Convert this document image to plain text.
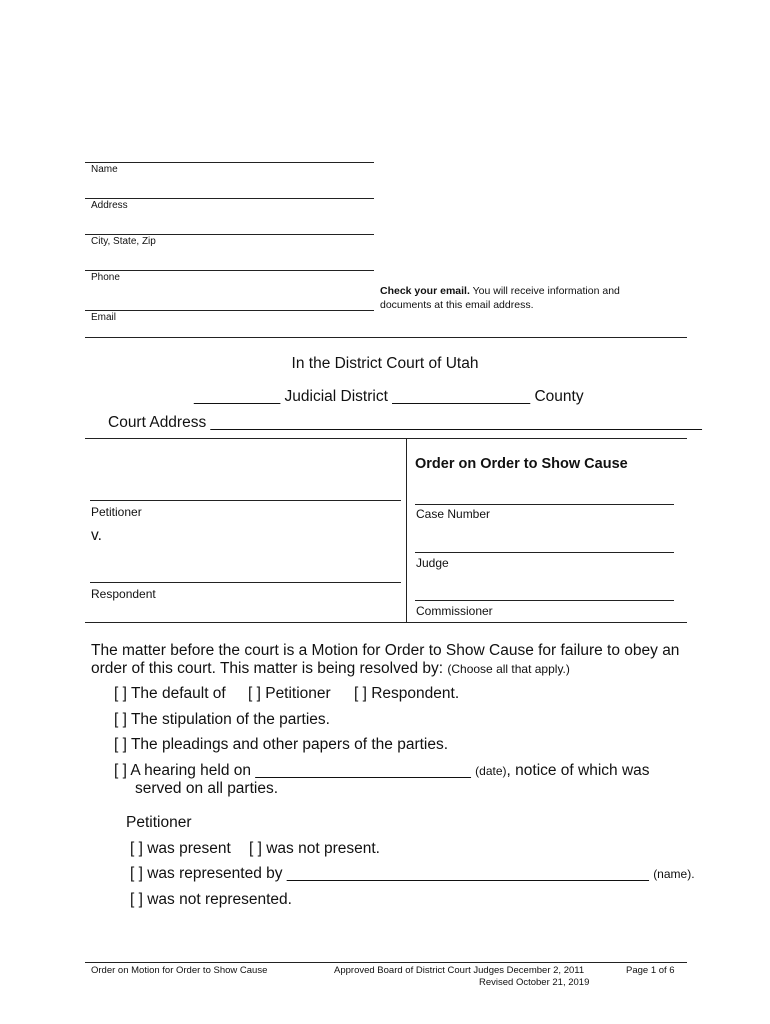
Name
Address
City, State, Zip
Phone
Email
Check your email. You will receive information and
documents at this email address.
In the District Court of Utah
__________ Judicial District ________________ County
Court Address _________________________________________________________
Order on Order to Show Cause
Petitioner
v.
Respondent
Case Number
Judge
Commissioner
The matter before the court is a Motion for Order to Show Cause for failure to obey an
order of this court. This matter is being resolved by: (Choose all that apply.)
[ ] The default of [ ] Petitioner [ ] Respondent.
[ ] The stipulation of the parties.
[ ] The pleadings and other papers of the parties.
[ ] A hearing held on _________________________ (date), notice of which was
served on all parties.
Petitioner
[ ] was present [ ] was not present.
[ ] was represented by __________________________________________ (name).
[ ] was not represented.
Order on Motion for Order to Show Cause	Approved Board of District Court Judges December 2, 2011
Revised October 21, 2019
Page 1 of 6
